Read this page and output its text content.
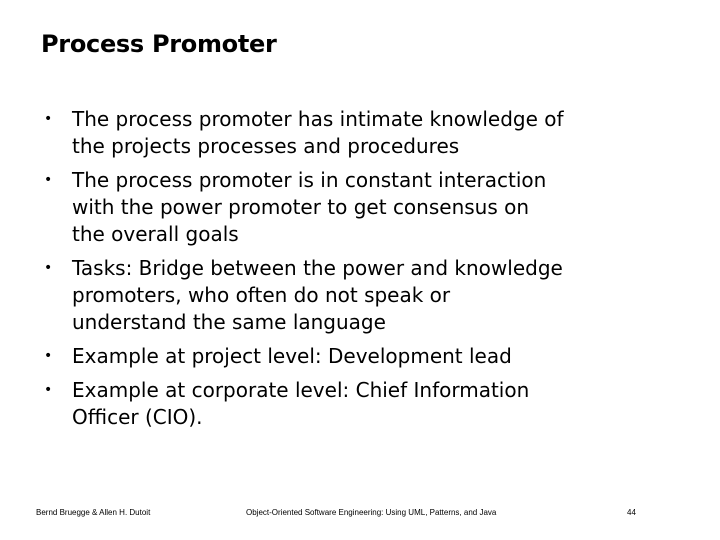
Process Promoter
• The process promoter has intimate knowledge of
the projects processes and procedures
• The process promoter is in constant interaction
with the power promoter to get consensus on
the overall goals
• Tasks: Bridge between the power and knowledge
promoters, who often do not speak or
understand the same language
• Example at project level: Development lead
• Example at corporate level: Chief Information
Officer (CIO).
Bernd Bruegge & Allen H. Dutoit	Object-Oriented Software Engineering: Using UML, Patterns, and Java	44
